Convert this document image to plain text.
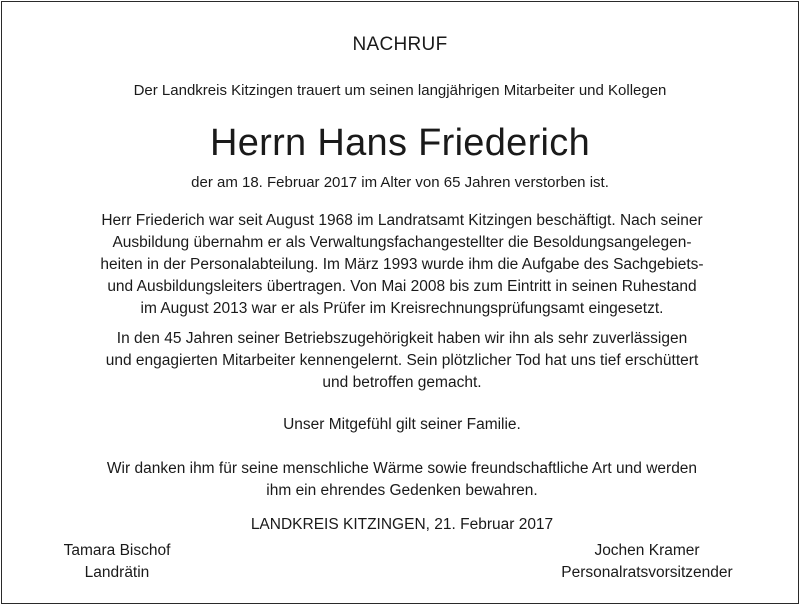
NACHRUF
Der Landkreis Kitzingen trauert um seinen langjährigen Mitarbeiter und Kollegen
Herrn Hans Friederich
der am 18. Februar 2017 im Alter von 65 Jahren verstorben ist.
Herr Friederich war seit August 1968 im Landratsamt Kitzingen beschäftigt. Nach seiner
Ausbildung übernahm er als Verwaltungsfachangestellter die Besoldungsangelegen-
heiten in der Personalabteilung. Im März 1993 wurde ihm die Aufgabe des Sachgebiets-
und Ausbildungsleiters übertragen. Von Mai 2008 bis zum Eintritt in seinen Ruhestand
im August 2013 war er als Prüfer im Kreisrechnungsprüfungsamt eingesetzt.
In den 45 Jahren seiner Betriebszugehörigkeit haben wir ihn als sehr zuverlässigen
und engagierten Mitarbeiter kennengelernt. Sein plötzlicher Tod hat uns tief erschüttert
und betroffen gemacht.
Unser Mitgefühl gilt seiner Familie.
Wir danken ihm für seine menschliche Wärme sowie freundschaftliche Art und werden
ihm ein ehrendes Gedenken bewahren.
LANDKREIS KITZINGEN, 21. Februar 2017
Tamara Bischof
Landrätin
Jochen Kramer
Personalratsvorsitzender
